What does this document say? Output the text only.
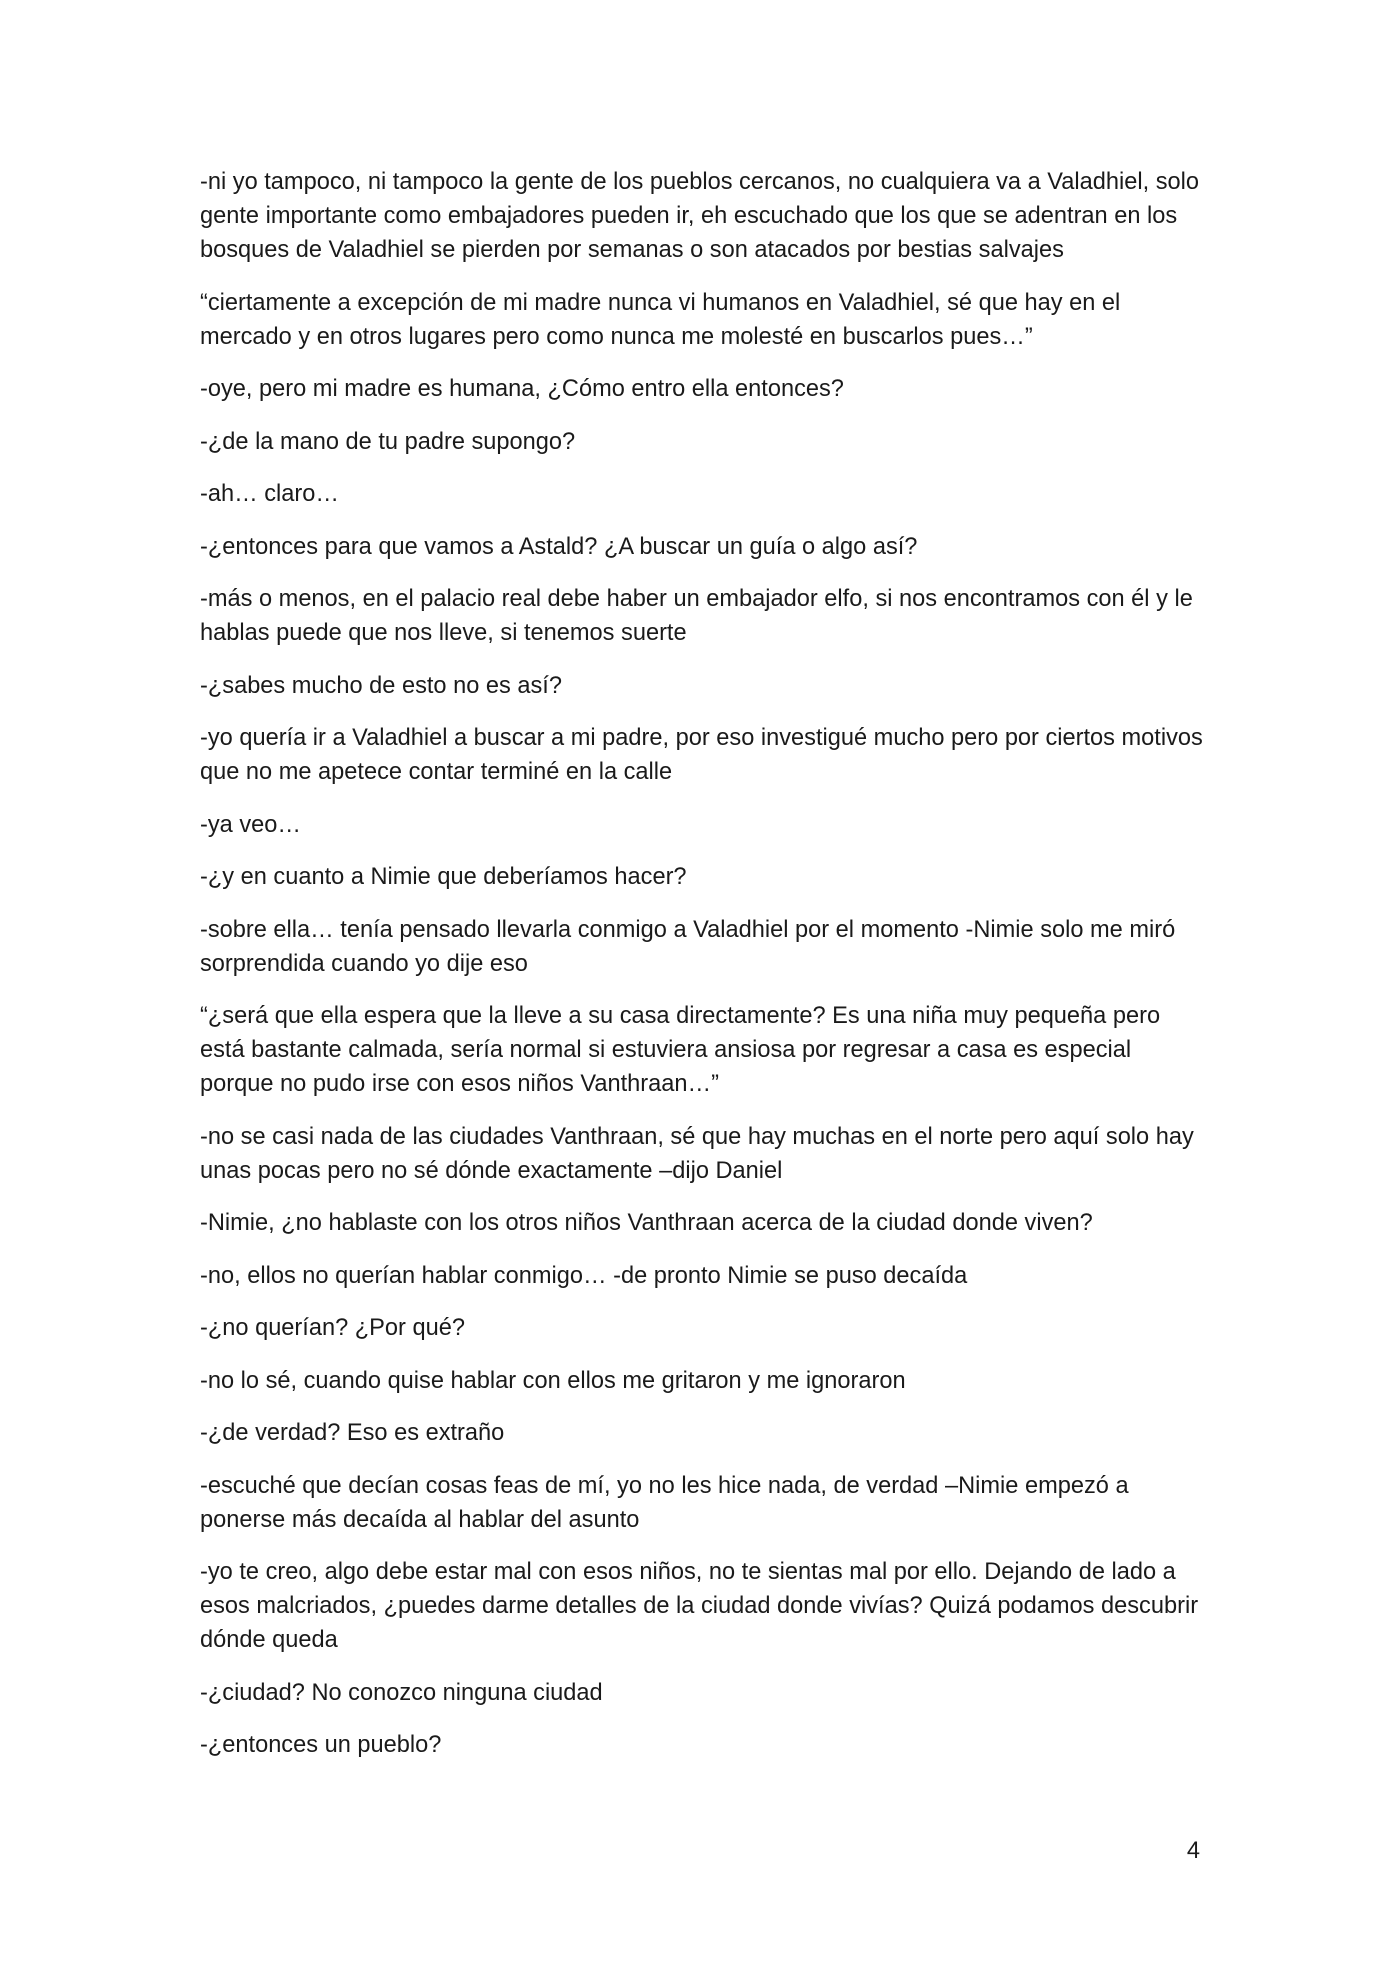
-ni yo tampoco, ni tampoco la gente de los pueblos cercanos, no cualquiera va a Valadhiel, solo gente importante como embajadores pueden ir, eh escuchado que los que se adentran en los bosques de Valadhiel se pierden por semanas o son atacados por bestias salvajes

“ciertamente a excepción de mi madre nunca vi humanos en Valadhiel, sé que hay en el mercado y en otros lugares pero como nunca me molesté en buscarlos pues…”

-oye, pero mi madre es humana, ¿Cómo entro ella entonces?

-¿de la mano de tu padre supongo?

-ah… claro…

-¿entonces para que vamos a Astald? ¿A buscar un guía o algo así?

-más o menos, en el palacio real debe haber un embajador elfo, si nos encontramos con él y le hablas puede que nos lleve, si tenemos suerte

-¿sabes mucho de esto no es así?

-yo quería ir a Valadhiel a buscar a mi padre, por eso investigué mucho pero por ciertos motivos que no me apetece contar terminé en la calle

-ya veo…

-¿y en cuanto a Nimie que deberíamos hacer?

-sobre ella… tenía pensado llevarla conmigo a Valadhiel por el momento -Nimie solo me miró sorprendida cuando yo dije eso

“¿será que ella espera que la lleve a su casa directamente? Es una niña muy pequeña pero está bastante calmada, sería normal si estuviera ansiosa por regresar a casa es especial porque no pudo irse con esos niños Vanthraan…”

-no se casi nada de las ciudades Vanthraan, sé que hay muchas en el norte pero aquí solo hay unas pocas pero no sé dónde exactamente –dijo Daniel

-Nimie, ¿no hablaste con los otros niños Vanthraan acerca de la ciudad donde viven?

-no, ellos no querían hablar conmigo… -de pronto Nimie se puso decaída

-¿no querían? ¿Por qué?

-no lo sé, cuando quise hablar con ellos me gritaron y me ignoraron

-¿de verdad? Eso es extraño

-escuché que decían cosas feas de mí, yo no les hice nada, de verdad –Nimie empezó a ponerse más decaída al hablar del asunto

-yo te creo, algo debe estar mal con esos niños, no te sientas mal por ello. Dejando de lado a esos malcriados, ¿puedes darme detalles de la ciudad donde vivías? Quizá podamos descubrir dónde queda

-¿ciudad? No conozco ninguna ciudad

-¿entonces un pueblo?

4
